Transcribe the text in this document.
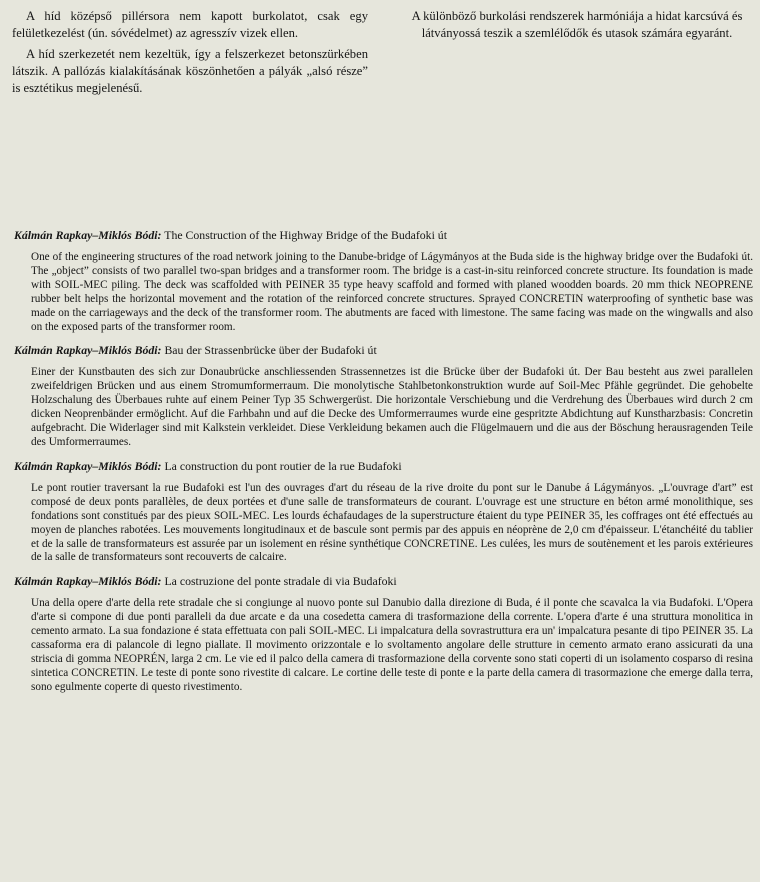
A híd középső pillérsora nem kapott burkolatot, csak egy felületkezelést (ún. sóvédelmet) az agresszív vizek ellen.

A híd szerkezetét nem kezeltük, így a felszerkezet betonszürkében látszik. A pallózás kialakításának köszönhetően a pályák „alsó része” is esztétikus megjelenésű.

A különböző burkolási rendszerek harmóniája a hidat karcsúvá és látványossá teszik a szemlélődők és utasok számára egyaránt.

Kálmán Rapkay–Miklós Bódi: The Construction of the Highway Bridge of the Budafoki út

One of the engineering structures of the road network joining to the Danube-bridge of Lágymányos at the Buda side is the highway bridge over the Budafoki út. The „object” consists of two parallel two-span bridges and a transformer room. The bridge is a cast-in-situ reinforced concrete structure. Its foundation is made with SOIL-MEC piling. The deck was scaffolded with PEINER 35 type heavy scaffold and formed with planed woodden boards. 20 mm thick NEOPRENE rubber belt helps the horizontal movement and the rotation of the reinforced concrete structures. Sprayed CONCRETIN waterproofing of synthetic base was made on the carriageways and the deck of the transformer room. The abutments are faced with limestone. The same facing was made on the wingwalls and also on the exposed parts of the transformer room.

Kálmán Rapkay–Miklós Bódi: Bau der Strassenbrücke über der Budafoki út

Einer der Kunstbauten des sich zur Donaubrücke anschliessenden Strassennetzes ist die Brücke über der Budafoki út. Der Bau besteht aus zwei parallelen zweifeldrigen Brücken und aus einem Stromumformerraum. Die monolytische Stahlbetonkonstruktion wurde auf Soil-Mec Pfähle gegründet. Die gehobelte Holzschalung des Überbaues ruhte auf einem Peiner Typ 35 Schwergerüst. Die horizontale Verschiebung und die Verdrehung des Überbaues wird durch 2 cm dicken Neoprenbänder ermöglicht. Auf die Farhbahn und auf die Decke des Umformerraumes wurde eine gespritzte Abdichtung auf Kunstharzbasis: Concretin aufgebracht. Die Widerlager sind mit Kalkstein verkleidet. Diese Verkleidung bekamen auch die Flügelmauern und die aus der Böschung herausragenden Teile des Umformerraumes.

Kálmán Rapkay–Miklós Bódi: La construction du pont routier de la rue Budafoki

Le pont routier traversant la rue Budafoki est l'un des ouvrages d'art du réseau de la rive droite du pont sur le Danube á Lágymányos. „L'ouvrage d'art” est composé de deux ponts parallèles, de deux portées et d'une salle de transformateurs de courant. L'ouvrage est une structure en béton armé monolithique, ses fondations sont constitués par des pieux SOIL-MEC. Les lourds échafaudages de la superstructure étaient du type PEINER 35, les coffrages ont été effectués au moyen de planches rabotées. Les mouvements longitudinaux et de bascule sont permis par des appuis en néoprène de 2,0 cm d'épaisseur. L'étanchéité du tablier et de la salle de transformateurs est assurée par un isolement en résine synthétique CONCRETINE. Les culées, les murs de soutènement et les parois extérieures de la salle de transformateurs sont recouverts de calcaire.

Kálmán Rapkay–Miklós Bódi: La costruzione del ponte stradale di via Budafoki

Una della opere d'arte della rete stradale che si congiunge al nuovo ponte sul Danubio dalla direzione di Buda, é il ponte che scavalca la via Budafoki. L'Opera d'arte si compone di due ponti paralleli da due arcate e da una cosedetta camera di trasformazione della corrente. L'opera d'arte é una struttura monolitica in cemento armato. La sua fondazione é stata effettuata con pali SOIL-MEC. Li impalcatura della sovrastruttura era un' impalcatura pesante di tipo PEINER 35. La cassaforma era di palancole di legno piallate. Il movimento orizzontale e lo svoltamento angolare delle strutture in cemento armato erano assicurati da una striscia di gomma NEOPRÉN, larga 2 cm. Le vie ed il palco della camera di trasformazione della corvente sono stati coperti di un isolamento cosparso di resina sintetica CONCRETIN. Le teste di ponte sono rivestite di calcare. Le cortine delle teste di ponte e la parte della camera di trasormazione che emerge dalla terra, sono egulmente coperte di questo rivestimento.
